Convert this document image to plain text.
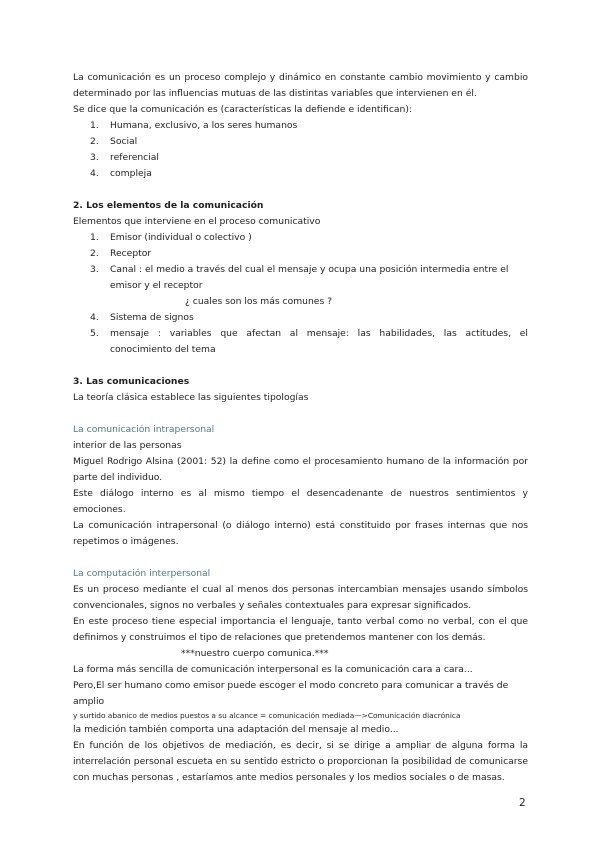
La comunicación es un proceso complejo y dinámico en constante cambio movimiento y cambio determinado por las influencias mutuas de las distintas variables que intervienen en él.

Se dice que la comunicación es (características la defiende e identifican):

1. Humana, exclusivo, a los seres humanos
2. Social
3. referencial
4. compleja

2. Los elementos de la comunicación

Elementos que interviene en el proceso comunicativo

1. Emisor (individual o colectivo )
2. Receptor
3. Canal : el medio a través del cual el mensaje y ocupa una posición intermedia entre el emisor y el receptor
¿ cuales son los más comunes ?
4. Sistema de signos
5. mensaje : variables que afectan al mensaje: las habilidades, las actitudes, el conocimiento del tema

3. Las comunicaciones

La teoría clásica establece las siguientes tipologías

La comunicación intrapersonal

interior de las personas

Miguel Rodrigo Alsina (2001: 52) la define como el procesamiento humano de la información por parte del individuo.

Este diálogo interno es al mismo tiempo el desencadenante de nuestros sentimientos y emociones.

La comunicación intrapersonal (o diálogo interno) está constituido por frases internas que nos repetimos o imágenes.

La computación interpersonal

Es un proceso mediante el cual al menos dos personas intercambian mensajes usando símbolos convencionales, signos no verbales y señales contextuales para expresar significados.

En este proceso tiene especial importancia el lenguaje, tanto verbal como no verbal, con el que definimos y construimos el tipo de relaciones que pretendemos mantener con los demás.

***nuestro cuerpo comunica.***

La forma más sencilla de comunicación interpersonal es la comunicación cara a cara...

Pero,El ser humano como emisor puede escoger el modo concreto para comunicar a través de amplio

y surtido abanico de medios puestos a su alcance = comunicación mediada—>Comunicación diacrónica

la medición también comporta una adaptación del mensaje al medio...

En función de los objetivos de mediación, es decir, si se dirige a ampliar de alguna forma la interrelación personal escueta en su sentido estricto o proporcionan la posibilidad de comunicarse con muchas personas , estaríamos ante medios personales y los medios sociales o de masas.

2
